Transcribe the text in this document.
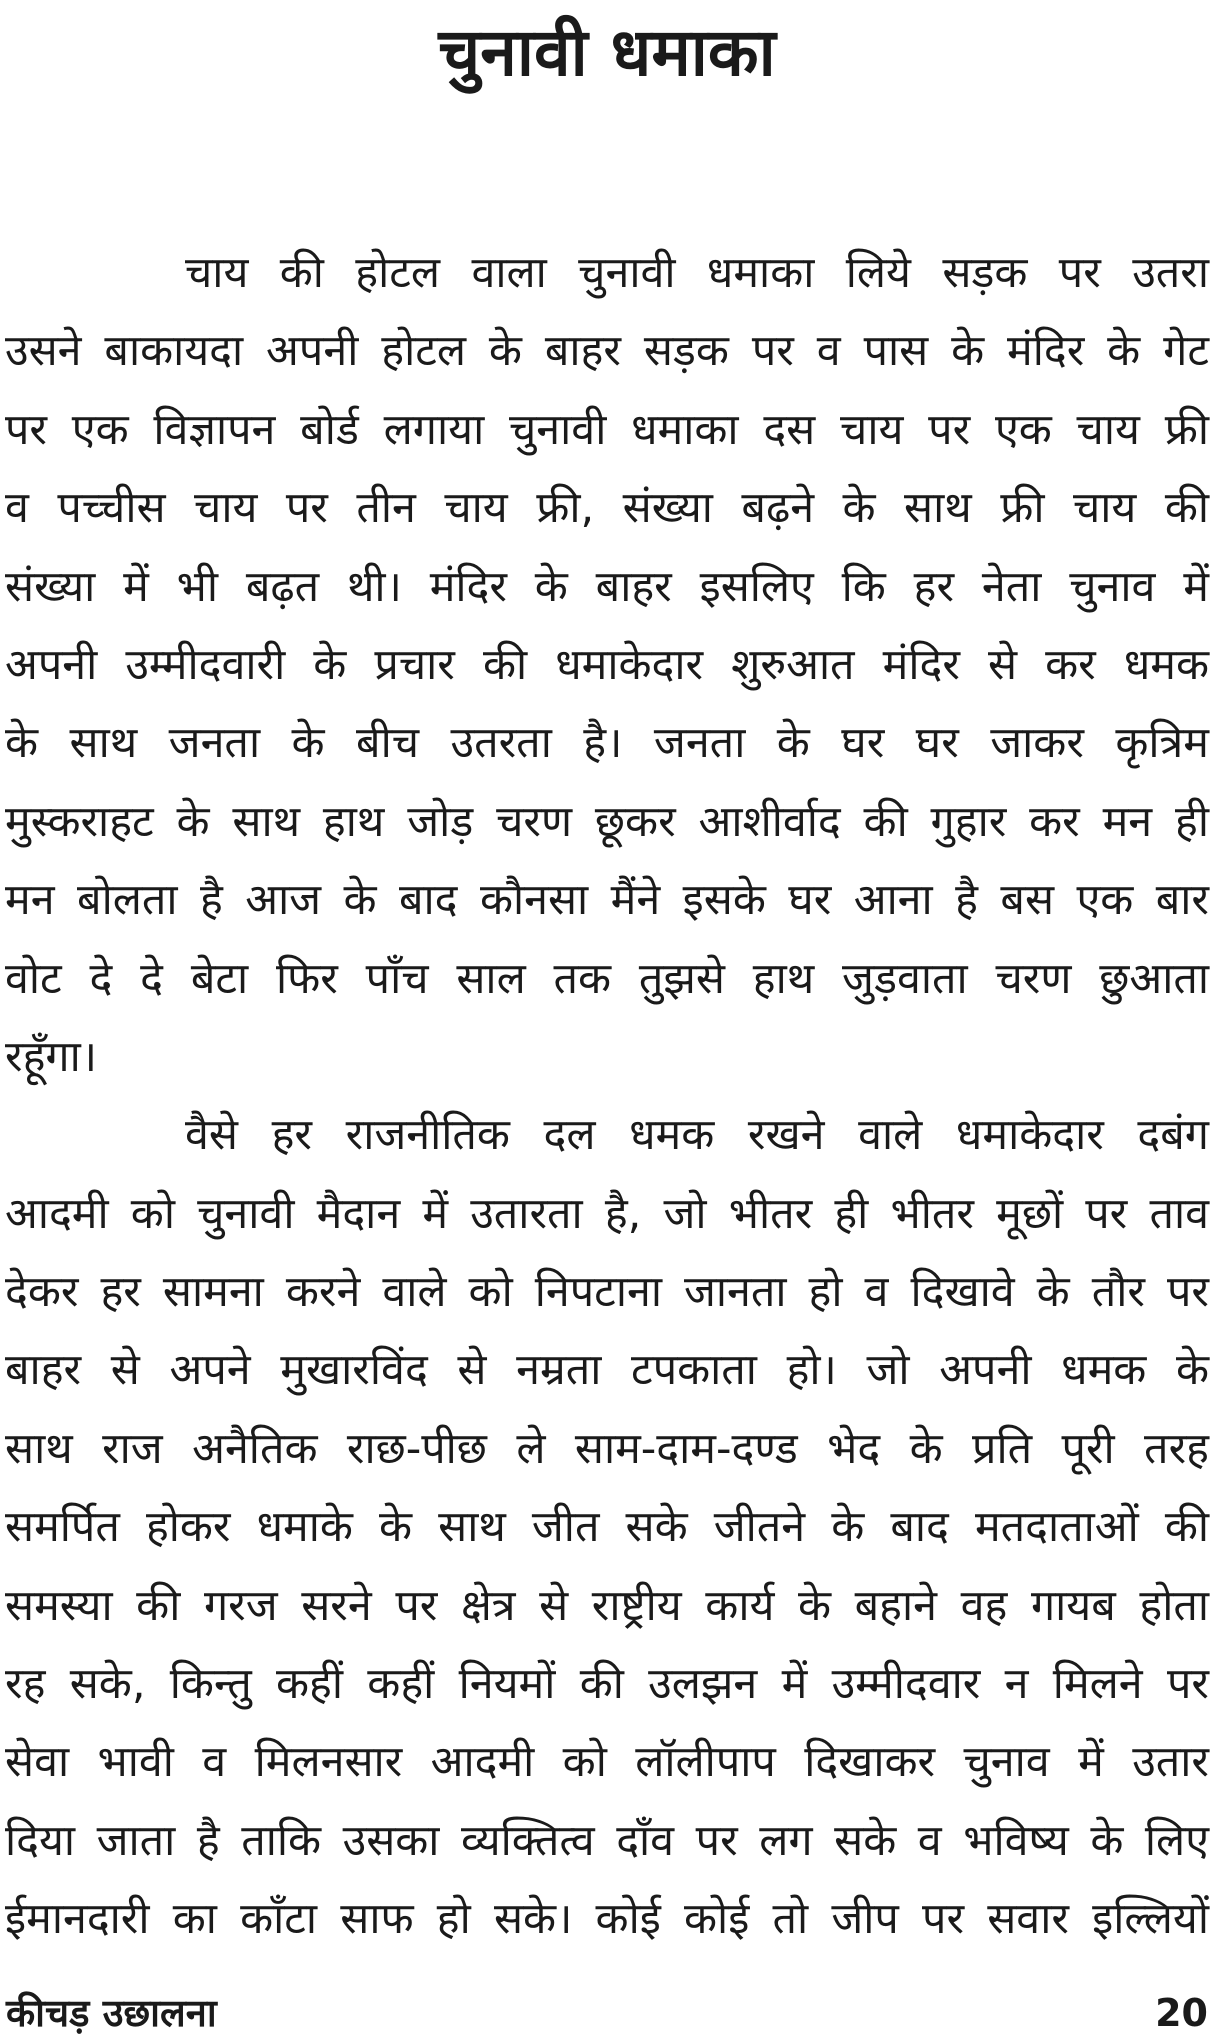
चुनावी धमाका
चाय की होटल वाला चुनावी धमाका लिये सड़क पर उतरा
उसने बाकायदा अपनी होटल के बाहर सड़क पर व पास के मंदिर के गेट
पर एक विज्ञापन बोर्ड लगाया चुनावी धमाका दस चाय पर एक चाय फ्री
व पच्चीस चाय पर तीन चाय फ्री, संख्या बढ़ने के साथ फ्री चाय की
संख्या में भी बढ़त थी। मंदिर के बाहर इसलिए कि हर नेता चुनाव में
अपनी उम्मीदवारी के प्रचार की धमाकेदार शुरुआत मंदिर से कर धमक
के साथ जनता के बीच उतरता है। जनता के घर घर जाकर कृत्रिम
मुस्कराहट के साथ हाथ जोड़ चरण छूकर आशीर्वाद की गुहार कर मन ही
मन बोलता है आज के बाद कौनसा मैंने इसके घर आना है बस एक बार
वोट दे दे बेटा फिर पाँच साल तक तुझसे हाथ जुड़वाता चरण छुआता
रहूँगा।
वैसे हर राजनीतिक दल धमक रखने वाले धमाकेदार दबंग
आदमी को चुनावी मैदान में उतारता है, जो भीतर ही भीतर मूछों पर ताव
देकर हर सामना करने वाले को निपटाना जानता हो व दिखावे के तौर पर
बाहर से अपने मुखारविंद से नम्रता टपकाता हो। जो अपनी धमक के
साथ राज अनैतिक राछ-पीछ ले साम-दाम-दण्ड भेद के प्रति पूरी तरह
समर्पित होकर धमाके के साथ जीत सके जीतने के बाद मतदाताओं की
समस्या की गरज सरने पर क्षेत्र से राष्ट्रीय कार्य के बहाने वह गायब होता
रह सके, किन्तु कहीं कहीं नियमों की उलझन में उम्मीदवार न मिलने पर
सेवा भावी व मिलनसार आदमी को लॉलीपाप दिखाकर चुनाव में उतार
दिया जाता है ताकि उसका व्यक्तित्व दाँव पर लग सके व भविष्य के लिए
ईमानदारी का काँटा साफ हो सके। कोई कोई तो जीप पर सवार इल्लियों
कीचड़ उछालना	20
